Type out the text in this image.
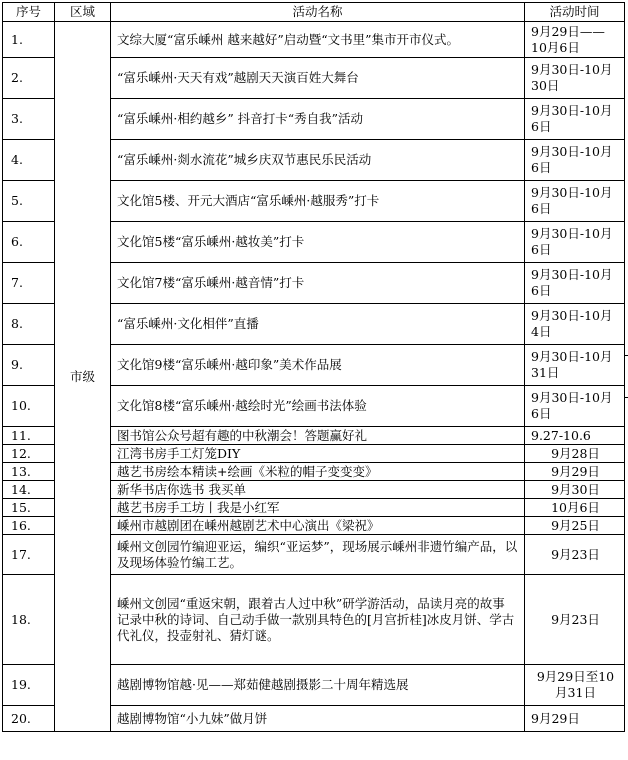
序号	区域	活动名称	活动时间
1.	市级	文综大厦“富乐嵊州 越来越好”启动暨“文书里”集市开市仪式。	9月29日——10月6日
2.		“富乐嵊州·天天有戏”越剧天天演百姓大舞台	9月30日-10月30日
3.		“富乐嵊州·相约越乡” 抖音打卡“秀自我”活动	9月30日-10月6日
4.		“富乐嵊州·剡水流花”城乡庆双节惠民乐民活动	9月30日-10月6日
5.		文化馆5楼、开元大酒店“富乐嵊州·越服秀”打卡	9月30日-10月6日
6.		文化馆5楼“富乐嵊州·越妆美”打卡	9月30日-10月6日
7.		文化馆7楼“富乐嵊州·越音情”打卡	9月30日-10月6日
8.		“富乐嵊州·文化相伴”直播	9月30日-10月4日
9.		文化馆9楼“富乐嵊州·越印象”美术作品展	9月30日-10月31日
10.		文化馆8楼“富乐嵊州·越绘时光”绘画书法体验	9月30日-10月6日
11.		图书馆公众号超有趣的中秋潮会！答题赢好礼	9.27-10.6
12.		江湾书房手工灯笼DIY	9月28日
13.		越艺书房绘本精读+绘画《米粒的帽子变变变》	9月29日
14.		新华书店你选书 我买单	9月30日
15.		越艺书房手工坊丨我是小红军	10月6日
16.		嵊州市越剧团在嵊州越剧艺术中心演出《梁祝》	9月25日
17.		嵊州文创园竹编迎亚运，编织“亚运梦”，现场展示嵊州非遗竹编产品，以及现场体验竹编工艺。	9月23日
18.		嵊州文创园“重返宋朝，跟着古人过中秋”研学游活动，品读月亮的故事 记录中秋的诗词、自己动手做一款别具特色的[月宫折桂]冰皮月饼、学古代礼仪，投壶射礼、猜灯谜。	9月23日
19.		越剧博物馆越·见——郑茹健越剧摄影二十周年精选展	9月29日至10月31日
20.		越剧博物馆“小九妹”做月饼	9月29日
